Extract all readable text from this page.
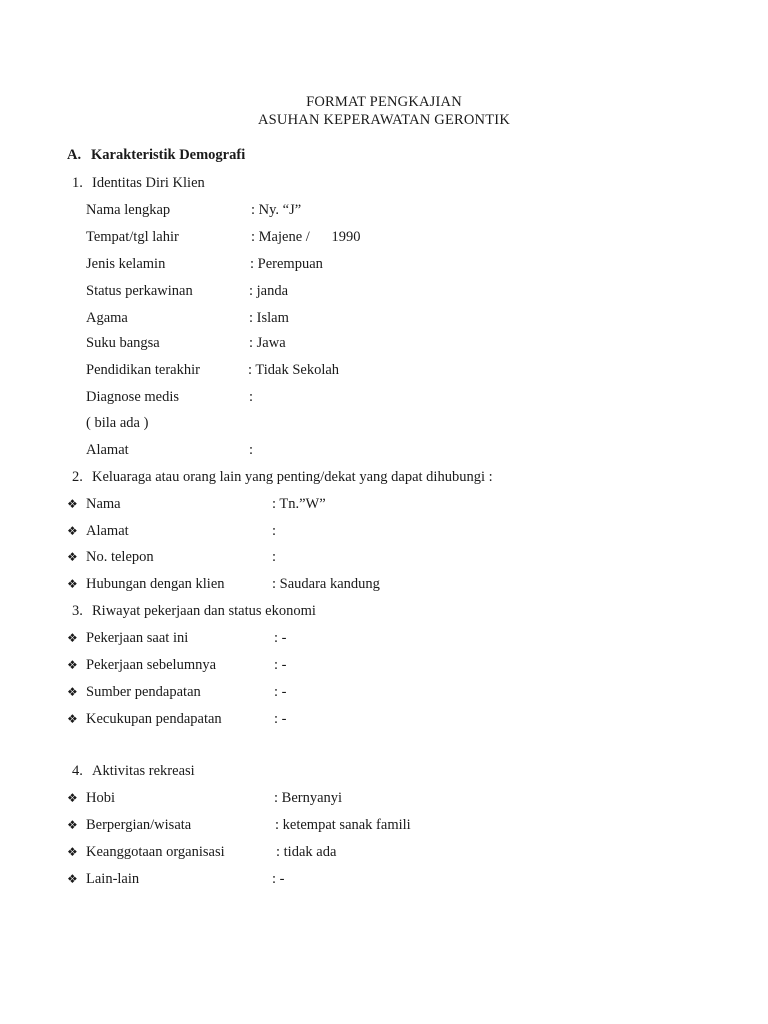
FORMAT PENGKAJIAN
ASUHAN KEPERAWATAN GERONTIK
A. Karakteristik Demografi
1. Identitas Diri Klien
Nama lengkap	: Ny. “J”
Tempat/tgl lahir	: Majene /      1990
Jenis kelamin	: Perempuan
Status perkawinan	: janda
Agama	: Islam
Suku bangsa	: Jawa
Pendidikan terakhir	: Tidak Sekolah
Diagnose medis	:
( bila ada )
Alamat	:
2. Keluaraga atau orang lain yang penting/dekat yang dapat dihubungi :
❖ Nama	: Tn.”W”
❖ Alamat	:
❖ No. telepon	:
❖ Hubungan dengan klien	: Saudara kandung
3. Riwayat pekerjaan dan status ekonomi
❖ Pekerjaan saat ini	: -
❖ Pekerjaan sebelumnya	: -
❖ Sumber pendapatan	: -
❖ Kecukupan pendapatan	: -
4. Aktivitas rekreasi
❖ Hobi	: Bernyanyi
❖ Berpergian/wisata	: ketempat sanak famili
❖ Keanggotaan organisasi	: tidak ada
❖ Lain-lain	: -
